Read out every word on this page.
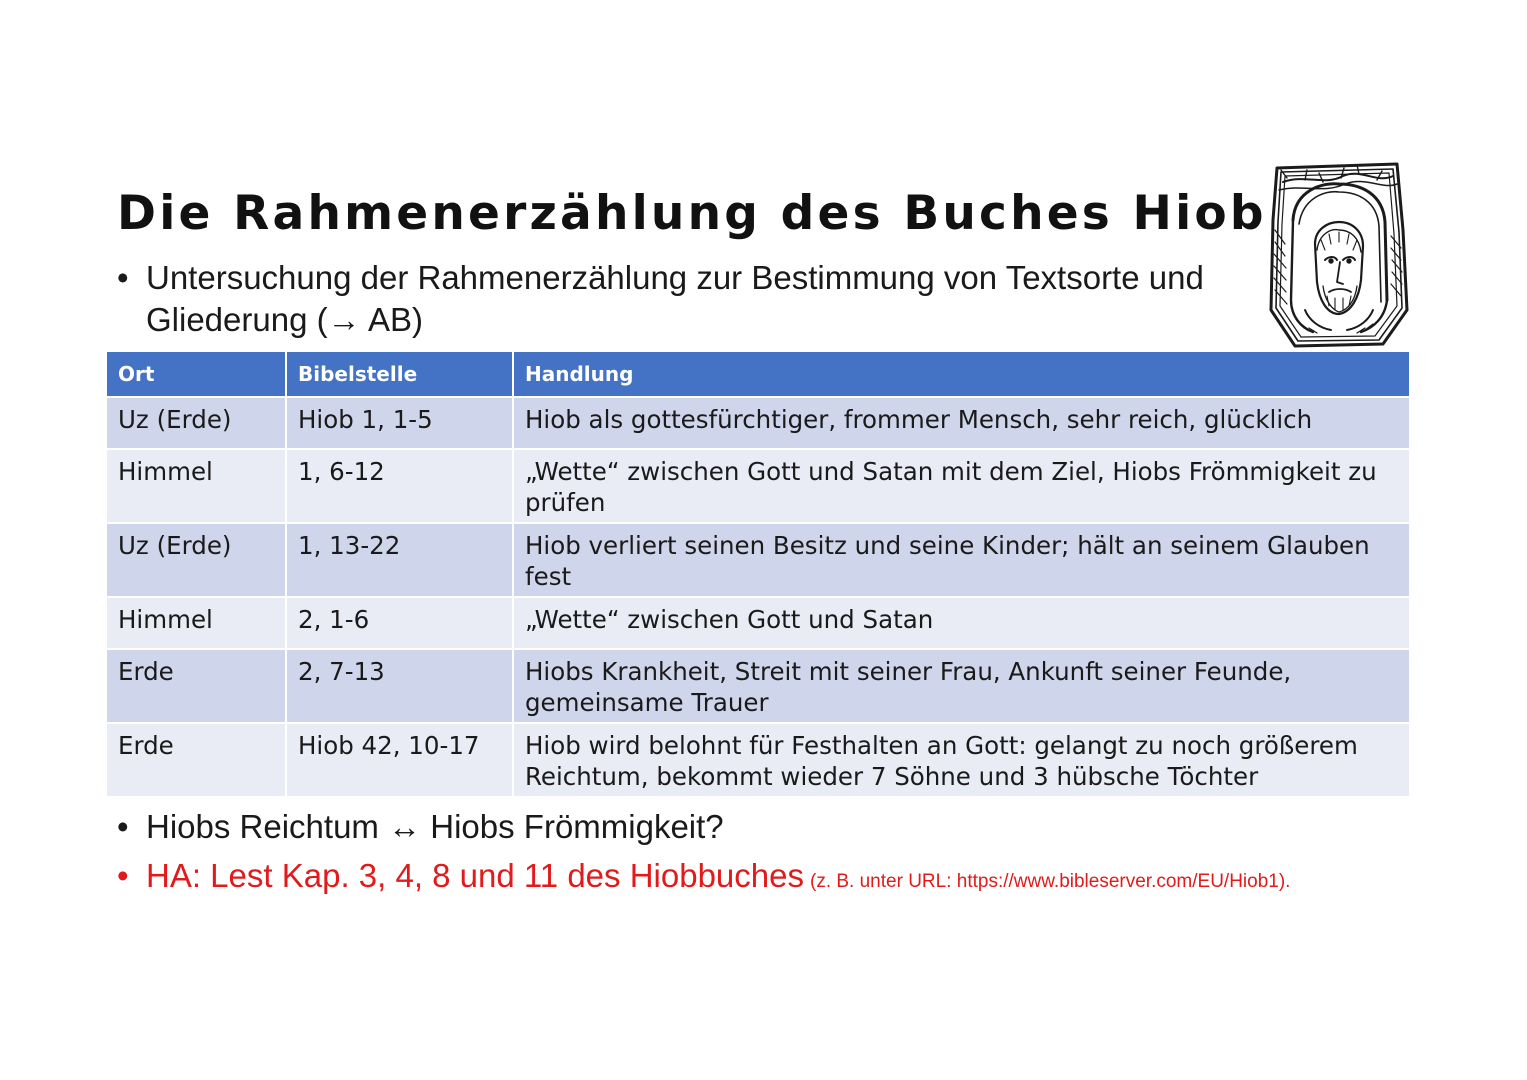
Die Rahmenerzählung des Buches Hiob
• Untersuchung der Rahmenerzählung zur Bestimmung von Textsorte und Gliederung (→ AB)
Ort	Bibelstelle	Handlung
Uz (Erde)	Hiob 1, 1-5	Hiob als gottesfürchtiger, frommer Mensch, sehr reich, glücklich
Himmel	1, 6-12	„Wette“ zwischen Gott und Satan mit dem Ziel, Hiobs Frömmigkeit zu prüfen
Uz (Erde)	1, 13-22	Hiob verliert seinen Besitz und seine Kinder; hält an seinem Glauben fest
Himmel	2, 1-6	„Wette“ zwischen Gott und Satan
Erde	2, 7-13	Hiobs Krankheit, Streit mit seiner Frau, Ankunft seiner Feunde, gemeinsame Trauer
Erde	Hiob 42, 10-17	Hiob wird belohnt für Festhalten an Gott: gelangt zu noch größerem Reichtum, bekommt wieder 7 Söhne und 3 hübsche Töchter
• Hiobs Reichtum ↔ Hiobs Frömmigkeit?
• HA: Lest Kap. 3, 4, 8 und 11 des Hiobbuches (z. B. unter URL: https://www.bibleserver.com/EU/Hiob1).
